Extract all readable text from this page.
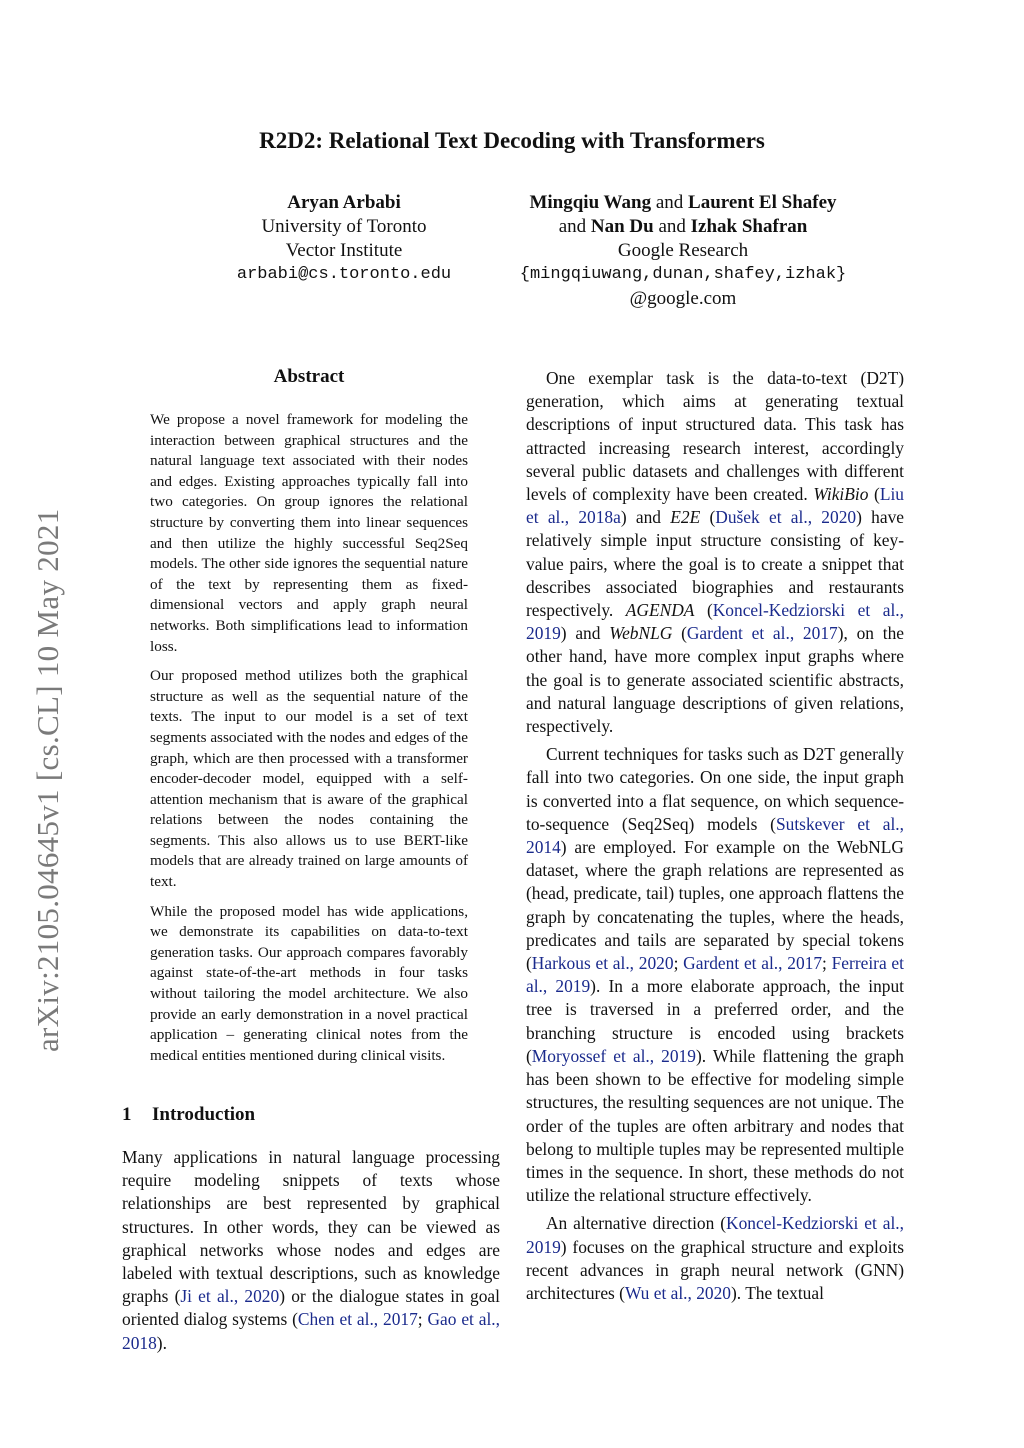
arXiv:2105.04645v1 [cs.CL] 10 May 2021
R2D2: Relational Text Decoding with Transformers
Aryan Arbabi
University of Toronto
Vector Institute
arbabi@cs.toronto.edu
Mingqiu Wang and Laurent El Shafey
and Nan Du and Izhak Shafran
Google Research
{mingqiuwang,dunan,shafey,izhak}
@google.com
Abstract

We propose a novel framework for modeling the interaction between graphical structures and the natural language text associated with their nodes and edges. Existing approaches typically fall into two categories. On group ignores the relational structure by converting them into linear sequences and then utilize the highly successful Seq2Seq models. The other side ignores the sequential nature of the text by representing them as fixed-dimensional vectors and apply graph neural networks. Both simplifications lead to information loss.

Our proposed method utilizes both the graphical structure as well as the sequential nature of the texts. The input to our model is a set of text segments associated with the nodes and edges of the graph, which are then processed with a transformer encoder-decoder model, equipped with a self-attention mechanism that is aware of the graphical relations between the nodes containing the segments. This also allows us to use BERT-like models that are already trained on large amounts of text.

While the proposed model has wide applications, we demonstrate its capabilities on data-to-text generation tasks. Our approach compares favorably against state-of-the-art methods in four tasks without tailoring the model architecture. We also provide an early demonstration in a novel practical application – generating clinical notes from the medical entities mentioned during clinical visits.

1 Introduction

Many applications in natural language processing require modeling snippets of texts whose relationships are best represented by graphical structures. In other words, they can be viewed as graphical networks whose nodes and edges are labeled with textual descriptions, such as knowledge graphs (Ji et al., 2020) or the dialogue states in goal oriented dialog systems (Chen et al., 2017; Gao et al., 2018).

One exemplar task is the data-to-text (D2T) generation, which aims at generating textual descriptions of input structured data. This task has attracted increasing research interest, accordingly several public datasets and challenges with different levels of complexity have been created. WikiBio (Liu et al., 2018a) and E2E (Dušek et al., 2020) have relatively simple input structure consisting of key-value pairs, where the goal is to create a snippet that describes associated biographies and restaurants respectively. AGENDA (Koncel-Kedziorski et al., 2019) and WebNLG (Gardent et al., 2017), on the other hand, have more complex input graphs where the goal is to generate associated scientific abstracts, and natural language descriptions of given relations, respectively.

Current techniques for tasks such as D2T generally fall into two categories. On one side, the input graph is converted into a flat sequence, on which sequence-to-sequence (Seq2Seq) models (Sutskever et al., 2014) are employed. For example on the WebNLG dataset, where the graph relations are represented as (head, predicate, tail) tuples, one approach flattens the graph by concatenating the tuples, where the heads, predicates and tails are separated by special tokens (Harkous et al., 2020; Gardent et al., 2017; Ferreira et al., 2019). In a more elaborate approach, the input tree is traversed in a preferred order, and the branching structure is encoded using brackets (Moryossef et al., 2019). While flattening the graph has been shown to be effective for modeling simple structures, the resulting sequences are not unique. The order of the tuples are often arbitrary and nodes that belong to multiple tuples may be represented multiple times in the sequence. In short, these methods do not utilize the relational structure effectively.

An alternative direction (Koncel-Kedziorski et al., 2019) focuses on the graphical structure and exploits recent advances in graph neural network (GNN) architectures (Wu et al., 2020). The textual
